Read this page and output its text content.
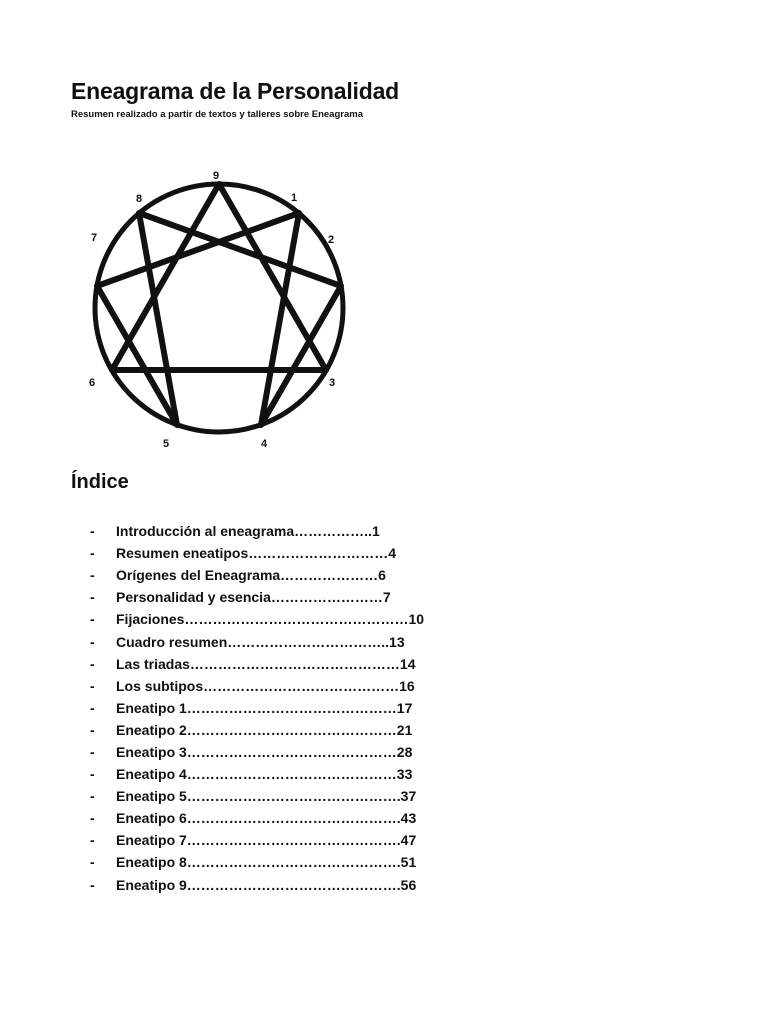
Eneagrama de la Personalidad
Resumen realizado a partir de textos y talleres sobre Eneagrama
9
1
2
3
4
5
6
7
8
Índice
-	Introducción al eneagrama……………..1
-	Resumen eneatipos…………………………4
-	Orígenes del Eneagrama…………………6
-	Personalidad y esencia……………………7
-	Fijaciones…………………………………………10
-	Cuadro resumen……………………………..13
-	Las triadas………………………………………14
-	Los subtipos……………………………………16
-	Eneatipo 1………………………………………17
-	Eneatipo 2………………………………………21
-	Eneatipo 3………………………………………28
-	Eneatipo 4………………………………………33
-	Eneatipo 5……………………………………….37
-	Eneatipo 6……………………………………….43
-	Eneatipo 7……………………………………….47
-	Eneatipo 8……………………………………….51
-	Eneatipo 9……………………………………….56
